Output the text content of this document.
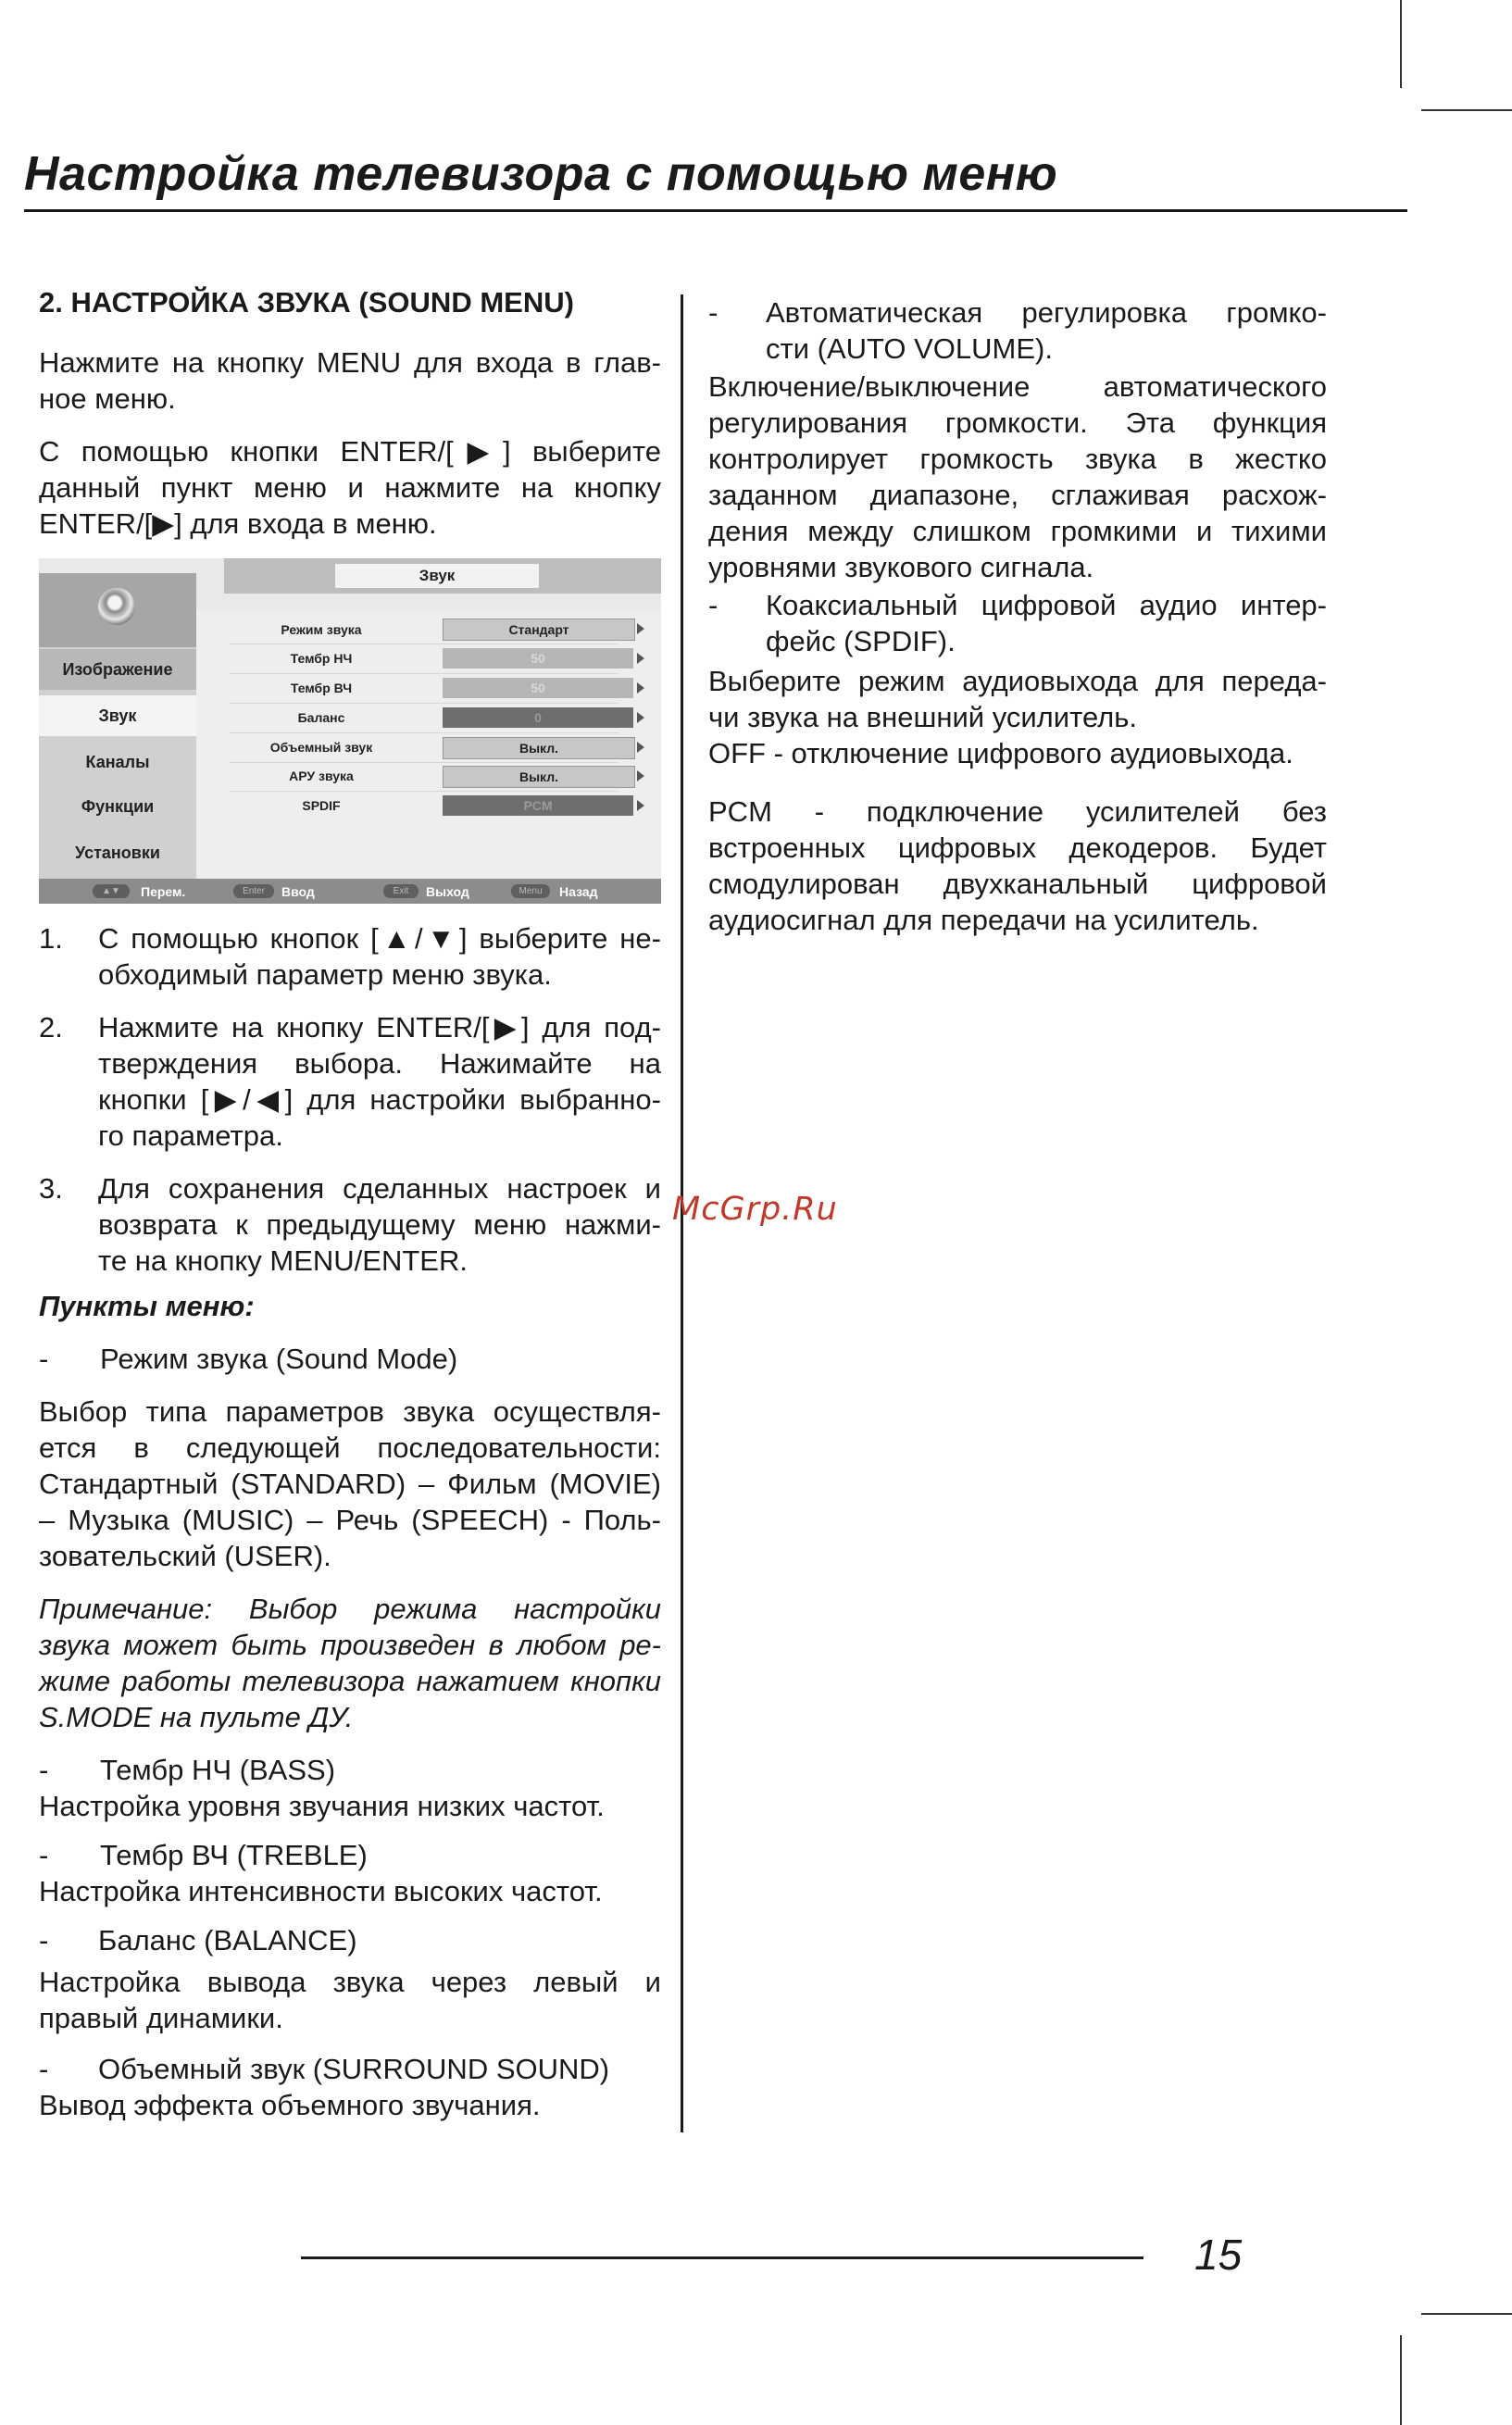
Настройка телевизора с помощью меню

2. НАСТРОЙКА ЗВУКА (SOUND MENU)

Нажмите на кнопку MENU для входа в глав-

ное меню.

С помощью кнопки ENTER/[▶] выберите

данный пункт меню и нажмите на кнопку

ENTER/[▶] для входа в меню.

Звук
Изображение
Звук
Каналы
Функции
Установки
Режим звука	Стандарт
Тембр НЧ	50
Тембр ВЧ	50
Баланс	0
Объемный звук	Выкл.
АРУ звука	Выкл.
SPDIF	PCM
▲▼	Перем.	Enter	Ввод	Exit	Выход	Menu	Назад
1.	С помощью кнопок [▲/▼] выберите не-

обходимый параметр меню звука.

2.	Нажмите на кнопку ENTER/[▶] для под-

тверждения выбора. Нажимайте на

кнопки [▶/◀] для настройки выбранно-

го параметра.

3.	Для сохранения сделанных настроек и

возврата к предыдущему меню нажми-

те на кнопку MENU/ENTER.

Пункты меню:

-	Режим звука (Sound Mode)

Выбор типа параметров звука осуществля-

ется в следующей последовательности:

Стандартный (STANDARD) – Фильм (MOVIE)

– Музыка (MUSIC) – Речь (SPEECH) - Поль-

зовательский (USER).

Примечание: Выбор режима настройки

звука может быть произведен в любом ре-

жиме работы телевизора нажатием кнопки

S.MODE на пульте ДУ.

-	Тембр НЧ (BASS)

Настройка уровня звучания низких частот.

-	Тембр ВЧ (TREBLE)

Настройка интенсивности высоких частот.

-	Баланс (BALANCE)

Настройка вывода звука через левый и

правый динамики.

-	Объемный звук (SURROUND SOUND)

Вывод эффекта объемного звучания.

-	Автоматическая регулировка громко-

сти (AUTO VOLUME).

Включение/выключение автоматического

регулирования громкости. Эта функция

контролирует громкость звука в жестко

заданном диапазоне, сглаживая расхож-

дения между слишком громкими и тихими

уровнями звукового сигнала.

-	Коаксиальный цифровой аудио интер-

фейс (SPDIF).

Выберите режим аудиовыхода для переда-

чи звука на внешний усилитель.

OFF - отключение цифрового аудиовыхода.

PCM - подключение усилителей без

встроенных цифровых декодеров. Будет

смодулирован двухканальный цифровой

аудиосигнал для передачи на усилитель.

McGrp.Ru
15
